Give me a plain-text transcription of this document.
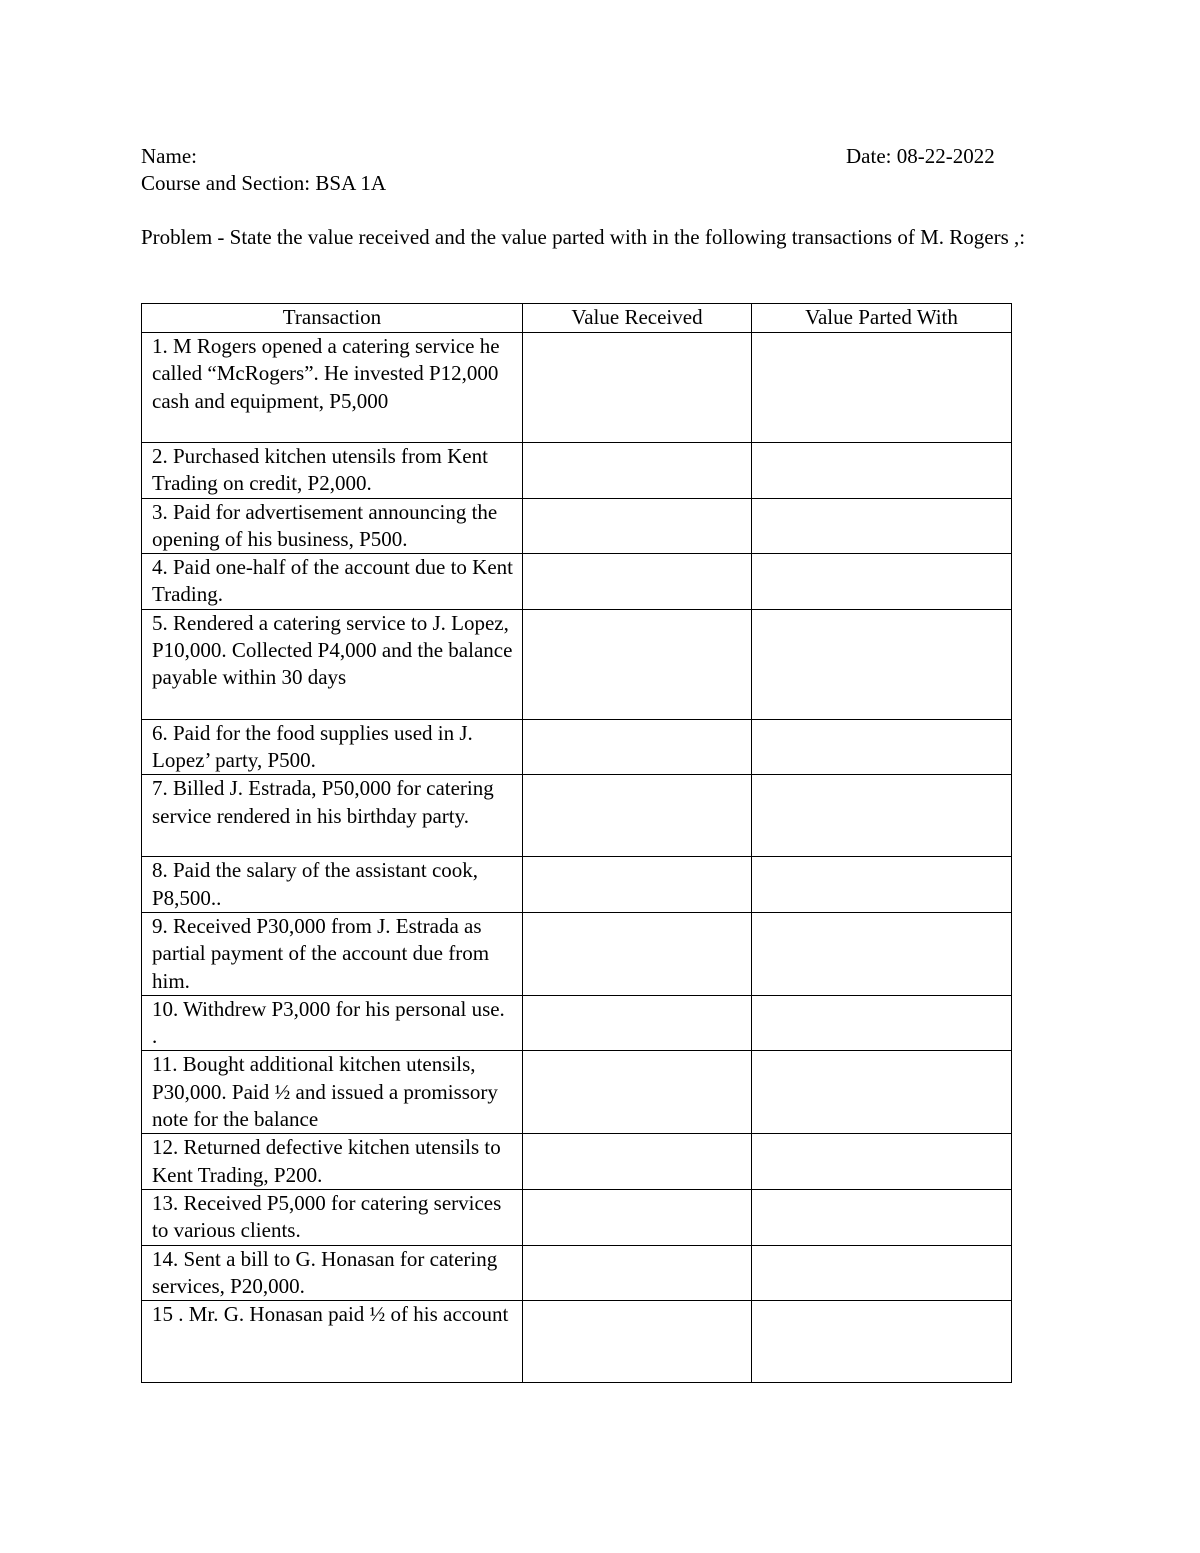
Name:	Date: 08-22-2022
Course and Section: BSA 1A
Problem - State the value received and the value parted with in the following transactions of M. Rogers ,:
Transaction	Value Received	Value Parted With
1. M Rogers opened a catering service he called “McRogers”. He invested P12,000 cash and equipment, P5,000		
2. Purchased kitchen utensils from Kent Trading on credit, P2,000.		
3. Paid for advertisement announcing the opening of his business, P500.		
4. Paid one-half of the account due to Kent Trading.		
5. Rendered a catering service to J. Lopez, P10,000. Collected P4,000 and the balance payable within 30 days		
6. Paid for the food supplies used in J. Lopez’ party, P500.		
7. Billed J. Estrada, P50,000 for catering service rendered in his birthday party.		
8. Paid the salary of the assistant cook, P8,500..		
9. Received P30,000 from J. Estrada as partial payment of the account due from him.		
10. Withdrew P3,000 for his personal use. .		
11. Bought additional kitchen utensils, P30,000. Paid ½ and issued a promissory note for the balance		
12. Returned defective kitchen utensils to Kent Trading, P200.		
13. Received P5,000 for catering services to various clients.		
14. Sent a bill to G. Honasan for catering services, P20,000.		
15 . Mr. G. Honasan paid ½ of his account		
